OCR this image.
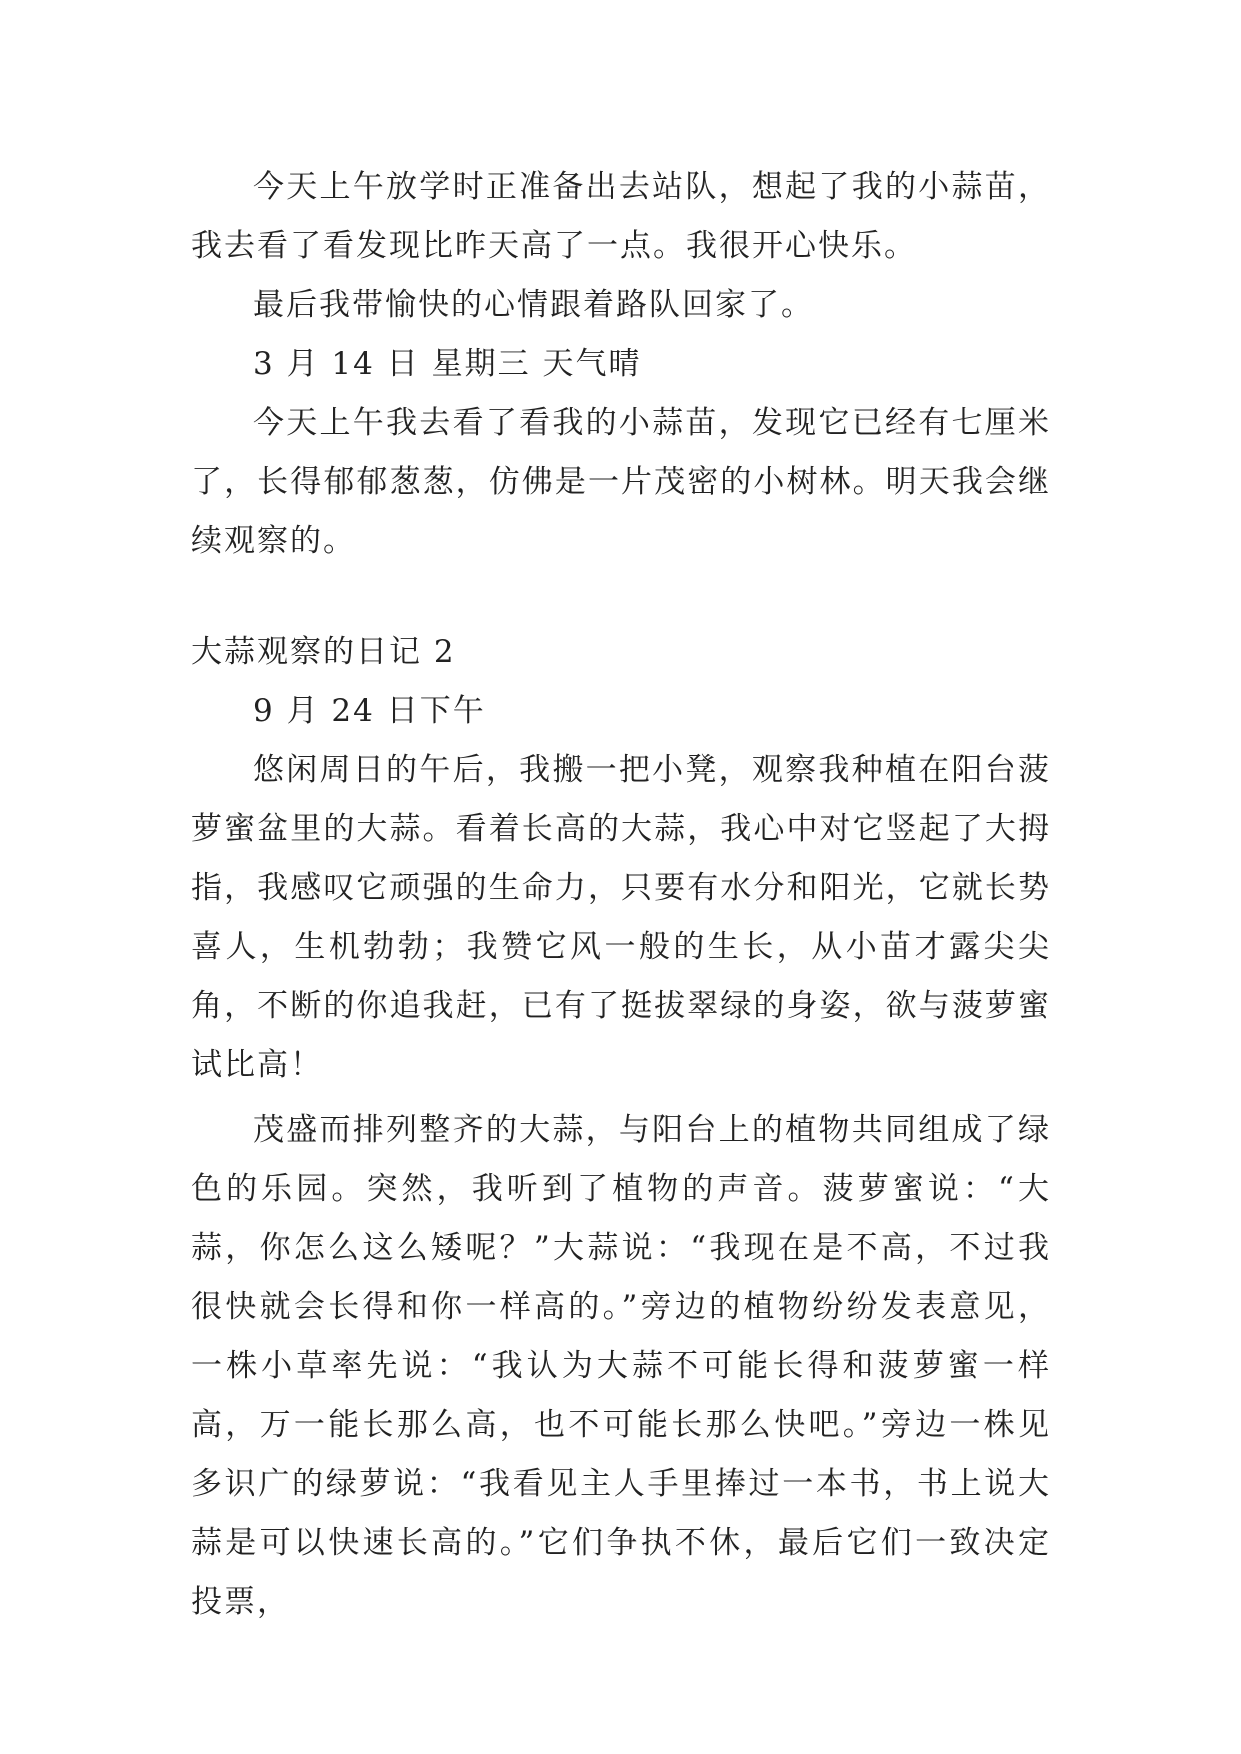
今天上午放学时正准备出去站队，想起了我的小蒜苗，我去看了看发现比昨天高了一点。我很开心快乐。

最后我带愉快的心情跟着路队回家了。

3 月 14 日 星期三 天气晴

今天上午我去看了看我的小蒜苗，发现它已经有七厘米了，长得郁郁葱葱，仿佛是一片茂密的小树林。明天我会继续观察的。

大蒜观察的日记 2

9 月 24 日下午

悠闲周日的午后，我搬一把小凳，观察我种植在阳台菠萝蜜盆里的大蒜。看着长高的大蒜，我心中对它竖起了大拇指，我感叹它顽强的生命力，只要有水分和阳光，它就长势喜人，生机勃勃；我赞它风一般的生长，从小苗才露尖尖角，不断的你追我赶，已有了挺拔翠绿的身姿，欲与菠萝蜜试比高！

茂盛而排列整齐的大蒜，与阳台上的植物共同组成了绿色的乐园。突然，我听到了植物的声音。菠萝蜜说：“大蒜，你怎么这么矮呢？”大蒜说：“我现在是不高，不过我很快就会长得和你一样高的。”旁边的植物纷纷发表意见，一株小草率先说：“我认为大蒜不可能长得和菠萝蜜一样高，万一能长那么高，也不可能长那么快吧。”旁边一株见多识广的绿萝说：“我看见主人手里捧过一本书，书上说大蒜是可以快速长高的。”它们争执不休，最后它们一致决定投票，
